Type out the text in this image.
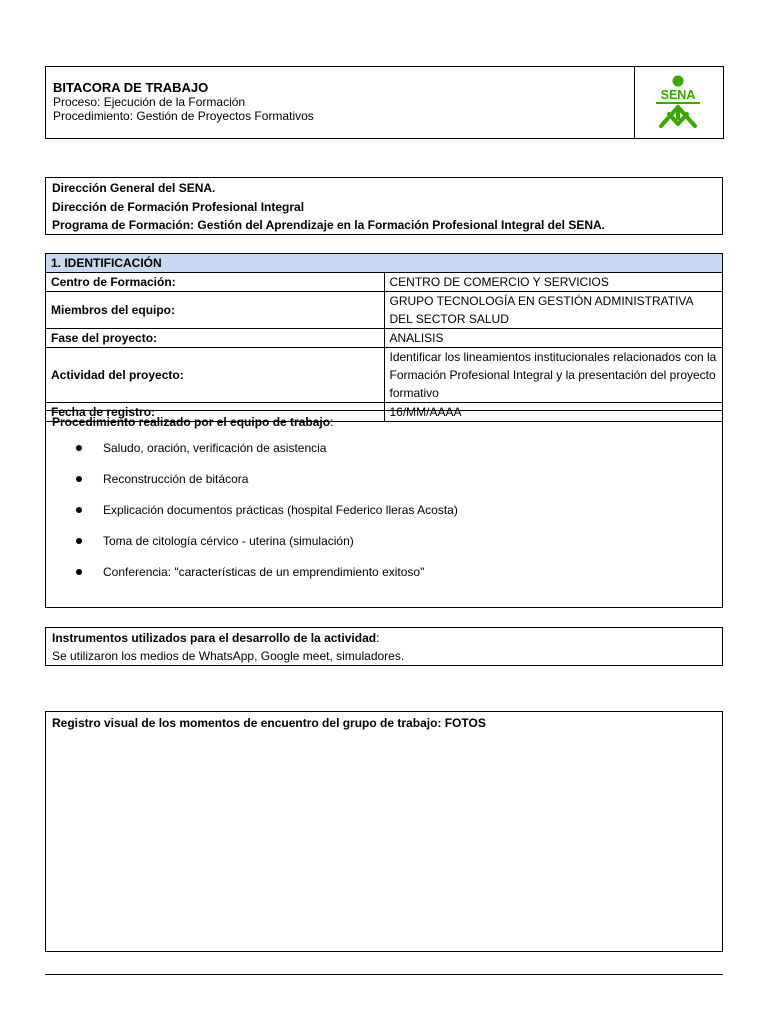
BITACORA DE TRABAJO
Proceso: Ejecución de la Formación
Procedimiento: Gestión de Proyectos Formativos
SENA
Dirección General del SENA.
Dirección de Formación Profesional Integral
Programa de Formación: Gestión del Aprendizaje en la Formación Profesional Integral del SENA.
1. IDENTIFICACIÓN	
Centro de Formación:	CENTRO DE COMERCIO Y SERVICIOS
Miembros del equipo:	GRUPO TECNOLOGÍA EN GESTIÓN ADMINISTRATIVA DEL SECTOR SALUD
Fase del proyecto:	ANALISIS
Actividad del proyecto:	Identificar los lineamientos institucionales relacionados con la Formación Profesional Integral y la presentación del proyecto formativo
Fecha de registro:	16/MM/AAAA
Procedimiento realizado por el equipo de trabajo:
Saludo, oración, verificación de asistencia
Reconstrucción de bitácora
Explicación documentos prácticas (hospital Federico lleras Acosta)
Toma de citología cérvico - uterina (simulación)
Conferencia: "características de un emprendimiento exitoso"
Instrumentos utilizados para el desarrollo de la actividad:
Se utilizaron los medios de WhatsApp, Google meet, simuladores.
Registro visual de los momentos de encuentro del grupo de trabajo: FOTOS
